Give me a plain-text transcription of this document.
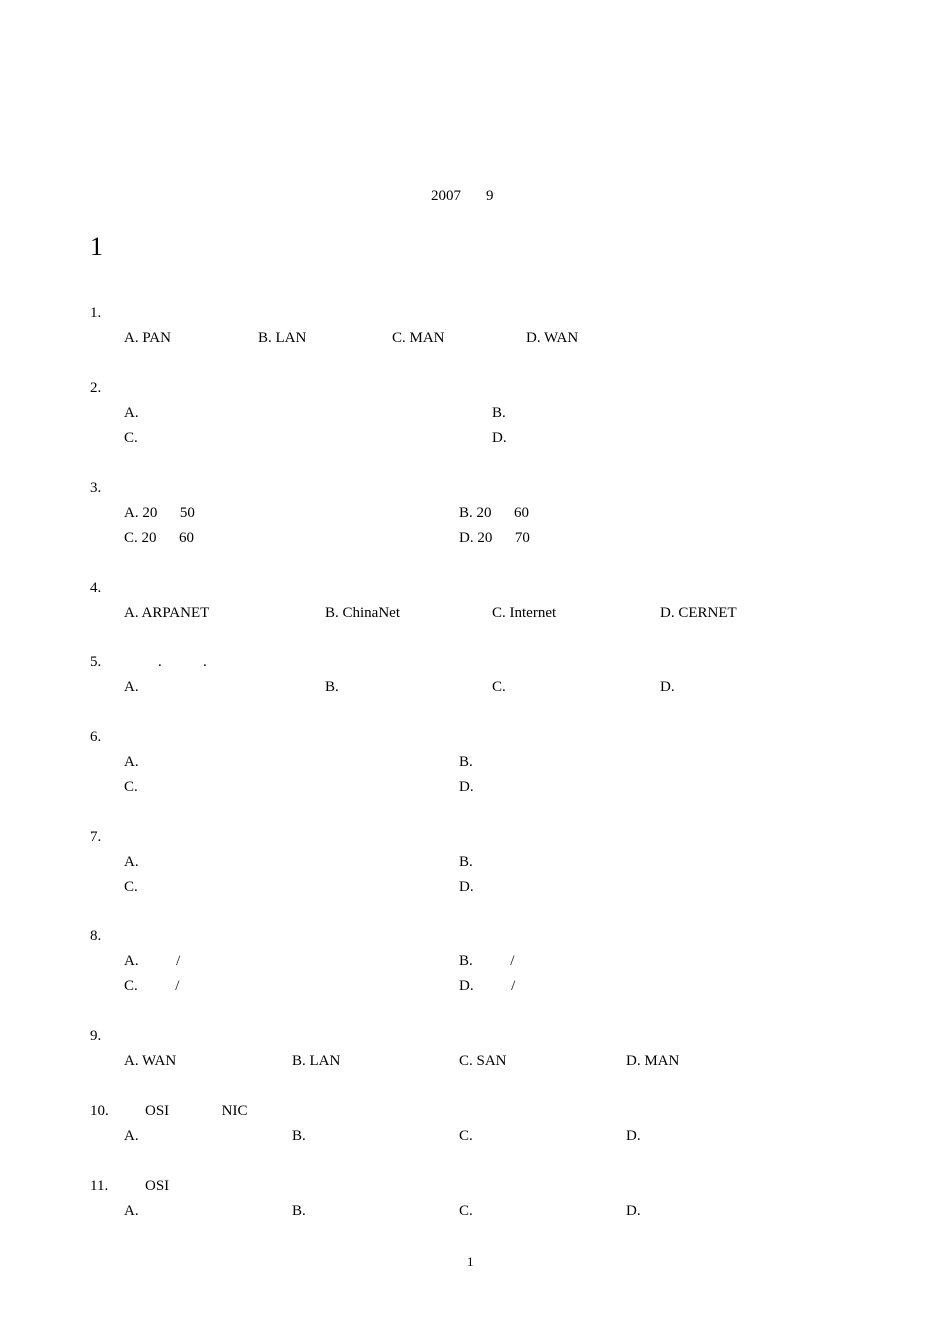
2007 9
1
1.
A. PAN	B. LAN	C. MAN	D. WAN
2.
A.	B.
C.	D.
3.
A. 20      50	B. 20      60
C. 20      60	D. 20      70
4.
A. ARPANET	B. ChinaNet	C. Internet	D. CERNET
5.	.           .
A.	B.	C.	D.
6.
A.	B.
C.	D.
7.
A.	B.
C.	D.
8.
A.          /	B.          /
C.          /	D.          /
9.
A. WAN	B. LAN	C. SAN	D. MAN
10. OSI              NIC
A.	B.	C.	D.
11. OSI
A.	B.	C.	D.
1
